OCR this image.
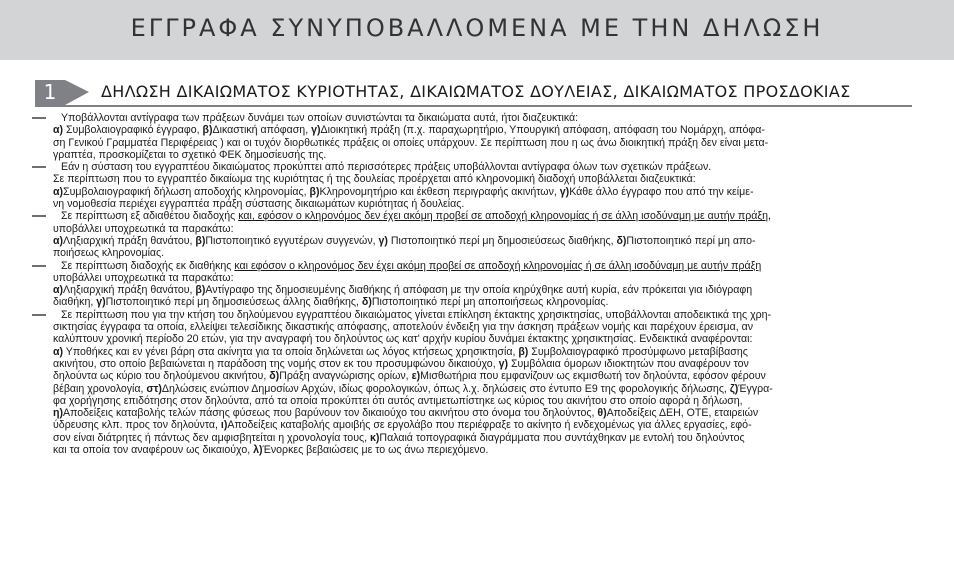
ΕΓΓΡΑΦΑ ΣΥΝΥΠΟΒΑΛΛΟΜΕΝΑ ΜΕ ΤΗΝ ΔΗΛΩΣΗ
1	ΔΗΛΩΣΗ ΔΙΚΑΙΩΜΑΤΟΣ ΚΥΡΙΟΤΗΤΑΣ, ΔΙΚΑΙΩΜΑΤΟΣ ΔΟΥΛΕΙΑΣ, ΔΙΚΑΙΩΜΑΤΟΣ ΠΡΟΣΔΟΚΙΑΣ
Υποβάλλονται αντίγραφα των πράξεων δυνάμει των οποίων συνιστώνται τα δικαιώματα αυτά, ήτοι διαζευκτικά:
α) Συμβολαιογραφικό έγγραφο, β)Δικαστική απόφαση, γ)Διοικητική πράξη (π.χ. παραχωρητήριο, Υπουργική απόφαση, απόφαση του Νομάρχη, απόφα-
ση Γενικού Γραμματέα Περιφέρειας ) και οι τυχόν διορθωτικές πράξεις οι οποίες υπάρχουν. Σε περίπτωση που η ως άνω διοικητική πράξη δεν είναι μετα-
γραπτέα, προσκομίζεται το σχετικό ΦΕΚ δημοσίευσής της.
Εάν η σύσταση του εγγραπτέου δικαιώματος προκύπτει από περισσότερες πράξεις υποβάλλονται αντίγραφα όλων των σχετικών πράξεων.
Σε περίπτωση που το εγγραπτέο δικαίωμα της κυριότητας ή της δουλείας προέρχεται από κληρονομική διαδοχή υποβάλλεται διαζευκτικά:
α)Συμβολαιογραφική δήλωση αποδοχής κληρονομίας, β)Κληρονομητήριο και έκθεση περιγραφής ακινήτων, γ)Κάθε άλλο έγγραφο που από την κείμε-
νη νομοθεσία περιέχει εγγραπτέα πράξη σύστασης δικαιωμάτων κυριότητας ή δουλείας.
Σε περίπτωση εξ αδιαθέτου διαδοχής και, εφόσον ο κληρονόμος δεν έχει ακόμη προβεί σε αποδοχή κληρονομίας ή σε άλλη ισοδύναμη με αυτήν πράξη,
υποβάλλει υποχρεωτικά τα παρακάτω:
α)Ληξιαρχική πράξη θανάτου, β)Πιστοποιητικό εγγυτέρων συγγενών, γ) Πιστοποιητικό περί μη δημοσιεύσεως διαθήκης, δ)Πιστοποιητικό περί μη απο-
ποιήσεως κληρονομίας.
Σε περίπτωση διαδοχής εκ διαθήκης και εφόσον ο κληρονόμος δεν έχει ακόμη προβεί σε αποδοχή κληρονομίας ή σε άλλη ισοδύναμη με αυτήν πράξη
υποβάλλει υποχρεωτικά τα παρακάτω:
α)Ληξιαρχική πράξη θανάτου, β)Αντίγραφο της δημοσιευμένης διαθήκης ή απόφαση με την οποία κηρύχθηκε αυτή κυρία, εάν πρόκειται για ιδιόγραφη
διαθήκη, γ)Πιστοποιητικό περί μη δημοσιεύσεως άλλης διαθήκης, δ)Πιστοποιητικό περί μη αποποιήσεως κληρονομίας.
Σε περίπτωση που για την κτήση του δηλούμενου εγγραπτέου δικαιώματος γίνεται επίκληση έκτακτης χρησικτησίας, υποβάλλονται αποδεικτικά της χρη-
σικτησίας έγγραφα τα οποία, ελλείψει τελεσίδικης δικαστικής απόφασης, αποτελούν ένδειξη για την άσκηση πράξεων νομής και παρέχουν έρεισμα, αν
καλύπτουν χρονική περίοδο 20 ετών, για την αναγραφή του δηλούντος ως κατ' αρχήν κυρίου δυνάμει έκτακτης χρησικτησίας. Ενδεικτικά αναφέρονται:
α) Υποθήκες και εν γένει βάρη στα ακίνητα για τα οποία δηλώνεται ως λόγος κτήσεως χρησικτησία, β) Συμβολαιογραφικό προσύμφωνο μεταβίβασης
ακινήτου, στο οποίο βεβαιώνεται η παράδοση της νομής στον εκ του προσυμφώνου δικαιούχο, γ) Συμβόλαια όμορων ιδιοκτητών που αναφέρουν τον
δηλούντα ως κύριο του δηλούμενου ακινήτου, δ)Πράξη αναγνώρισης ορίων, ε)Μισθωτήρια που εμφανίζουν ως εκμισθωτή τον δηλούντα, εφόσον φέρουν
βέβαιη χρονολογία, στ)Δηλώσεις ενώπιον Δημοσίων Αρχών, ιδίως φορολογικών, όπως λ.χ. δηλώσεις στο έντυπο Ε9 της φορολογικής δήλωσης, ζ)Έγγρα-
φα χορήγησης επιδότησης στον δηλούντα, από τα οποία προκύπτει ότι αυτός αντιμετωπίστηκε ως κύριος του ακινήτου στο οποίο αφορά η δήλωση,
η)Αποδείξεις καταβολής τελών πάσης φύσεως που βαρύνουν τον δικαιούχο του ακινήτου στο όνομα του δηλούντος, θ)Αποδείξεις ΔΕΗ, ΟΤΕ, εταιρειών
ύδρευσης κλπ. προς τον δηλούντα, ι)Αποδείξεις καταβολής αμοιβής σε εργολάβο που περιέφραξε το ακίνητο ή ενδεχομένως για άλλες εργασίες, εφό-
σον είναι διάτρητες ή πάντως δεν αμφισβητείται η χρονολογία τους, κ)Παλαιά τοπογραφικά διαγράμματα που συντάχθηκαν με εντολή του δηλούντος
και τα οποία τον αναφέρουν ως δικαιούχο, λ)Ένορκες βεβαιώσεις με το ως άνω περιεχόμενο.
